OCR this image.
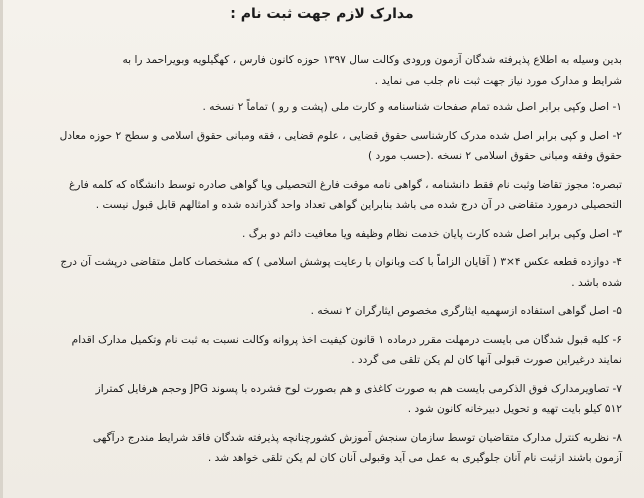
مدارک لازم جهت ثبت نام :
بدین وسیله به اطلاع پذیرفته شدگان آزمون ورودی وکالت سال ۱۳۹۷ حوزه کانون فارس ، کهگیلویه وبویراحمد را به
شرایط و مدارک مورد نیاز جهت ثبت نام جلب می نماید .
۱- اصل وکپی برابر اصل شده تمام صفحات شناسنامه و کارت ملی (پشت و رو ) تماماً ۲ نسخه .
۲- اصل و کپی برابر اصل شده مدرک کارشناسی حقوق قضایی ، علوم قضایی ، فقه ومبانی حقوق اسلامی و سطح ۲ حوزه معادل
حقوق وفقه ومبانی حقوق اسلامی ۲ نسخه .(حسب مورد )
تبصره: مجوز تقاضا وثبت نام فقط دانشنامه ، گواهی نامه موقت فارغ التحصیلی ویا گواهی صادره توسط دانشگاه که کلمه فارغ
التحصیلی درمورد متقاضی در آن درج شده می باشد بنابراین گواهی تعداد واحد گذرانده شده و امثالهم قابل قبول نیست .
۳- اصل وکپی برابر اصل شده کارت پایان خدمت نظام وظیفه ویا معافیت دائم دو برگ .
۴- دوازده قطعه عکس ۴×۳ ( آقایان الزاماً با کت وبانوان با رعایت پوشش اسلامی ) که مشخصات کامل متقاضی درپشت آن درج
شده باشد .
۵- اصل گواهی استفاده ازسهمیه ایثارگری مخصوص ایثارگران ۲ نسخه .
۶- کلیه قبول شدگان می بایست درمهلت مقرر درماده ۱ قانون کیفیت اخذ پروانه وکالت نسبت به ثبت نام وتکمیل مدارک اقدام
نمایند درغیراین صورت قبولی آنها کان لم یکن تلقی می گردد .
۷- تصاویرمدارک فوق الذکرمی بایست هم به صورت کاغذی و هم بصورت لوح فشرده با پسوند JPG وحجم هرفایل کمتراز
۵۱۲ کیلو بایت تهیه و تحویل دبیرخانه کانون شود .
۸- نظربه کنترل مدارک متقاضیان توسط سازمان سنجش آموزش کشورچنانچه پذیرفته شدگان فاقد شرایط مندرج درآگهی
آزمون باشند ازثبت نام آنان جلوگیری به عمل می آید وقبولی آنان کان لم یکن تلقی خواهد شد .
